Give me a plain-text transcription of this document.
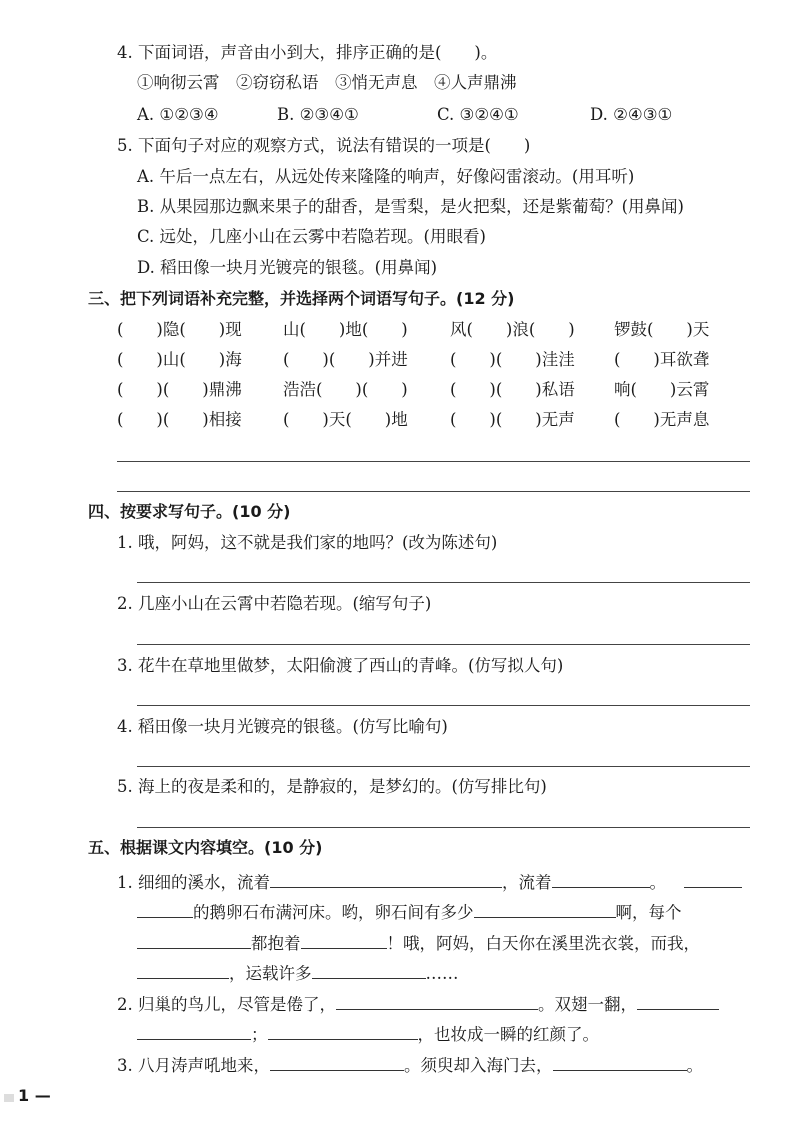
4. 下面词语，声音由小到大，排序正确的是(　　)。
①响彻云霄　②窃窃私语　③悄无声息　④人声鼎沸
A. ①②③④	B. ②③④①	C. ③②④①	D. ②④③①
5. 下面句子对应的观察方式，说法有错误的一项是(　　)
A. 午后一点左右，从远处传来隆隆的响声，好像闷雷滚动。(用耳听)
B. 从果园那边飘来果子的甜香，是雪梨，是火把梨，还是紫葡萄？(用鼻闻)
C. 远处，几座小山在云雾中若隐若现。(用眼看)
D. 稻田像一块月光镀亮的银毯。(用鼻闻)
三、把下列词语补充完整，并选择两个词语写句子。(12 分)
(　　)隐(　　)现	山(　　)地(　　)	风(　　)浪(　　) 锣鼓(　　)天
(　　)山(　　)海	(　　)(　　)并进	(　　)(　　)洼洼 (　　)耳欲聋
(　　)(　　)鼎沸	浩浩(　　)(　　)	(　　)(　　)私语 响(　　)云霄
(　　)(　　)相接	(　　)天(　　)地	(　　)(　　)无声 (　　)无声息
四、按要求写句子。(10 分)
1. 哦，阿妈，这不就是我们家的地吗？(改为陈述句)
2. 几座小山在云霄中若隐若现。(缩写句子)
3. 花牛在草地里做梦，太阳偷渡了西山的青峰。(仿写拟人句)
4. 稻田像一块月光镀亮的银毯。(仿写比喻句)
5. 海上的夜是柔和的，是静寂的，是梦幻的。(仿写排比句)
五、根据课文内容填空。(10 分)
1. 细细的溪水，流着	，流着	。
的鹅卵石布满河床。哟，卵石间有多少	啊，每个
都抱着	！哦，阿妈，白天你在溪里洗衣裳，而我，
，运载许多	……
2. 归巢的鸟儿，尽管是倦了，	。双翅一翻，
；	，也妆成一瞬的红颜了。
3. 八月涛声吼地来，	。须臾却入海门去，	。
1 —
